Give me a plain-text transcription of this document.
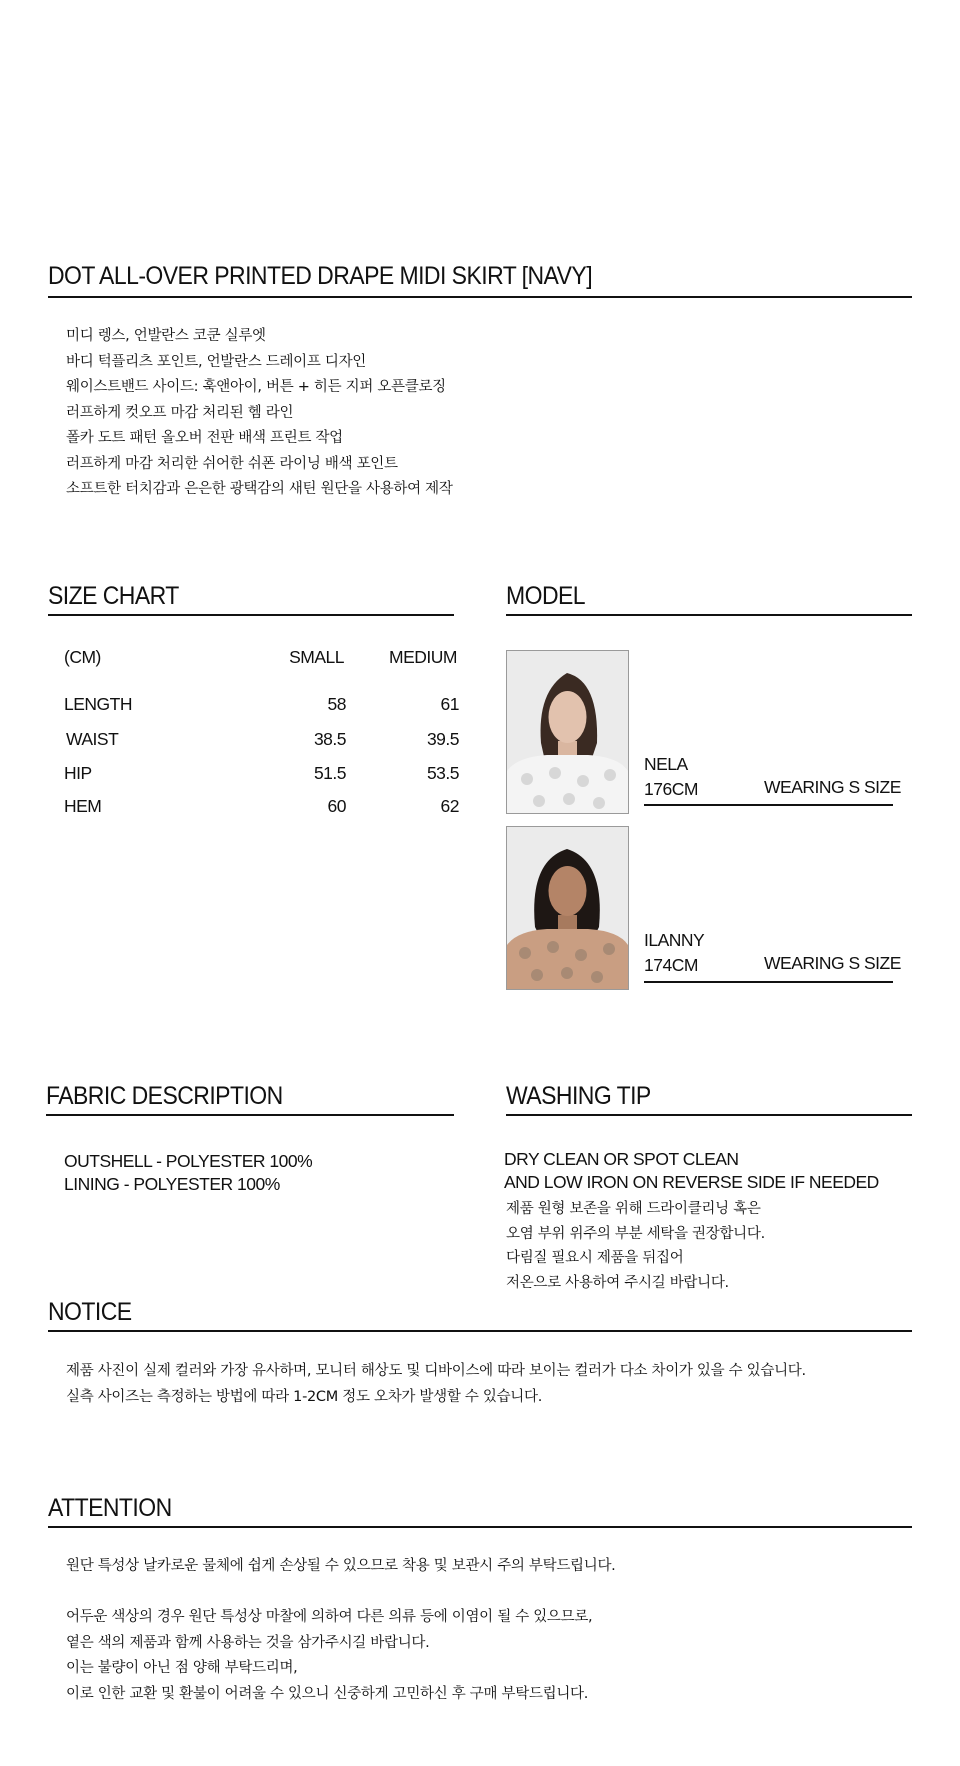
DOT ALL-OVER PRINTED DRAPE MIDI SKIRT [NAVY]
미디 렝스, 언발란스 코쿤 실루엣
바디 턱플리츠 포인트, 언발란스 드레이프 디자인
웨이스트밴드 사이드: 훅앤아이, 버튼 + 히든 지퍼 오픈클로징
러프하게 컷오프 마감 처리된 헴 라인
폴카 도트 패턴 올오버 전판 배색 프린트 작업
러프하게 마감 처리한 쉬어한 쉬폰 라이닝 배색 포인트
소프트한 터치감과 은은한 광택감의 새틴 원단을 사용하여 제작
SIZE CHART
(CM)	SMALL	MEDIUM
LENGTH	58	61
WAIST	38.5	39.5
HIP	51.5	53.5
HEM	60	62
MODEL
NELA
176CM	WEARING S SIZE
ILANNY
174CM	WEARING S SIZE
FABRIC DESCRIPTION
OUTSHELL - POLYESTER 100%
LINING - POLYESTER 100%
WASHING TIP
DRY CLEAN OR SPOT CLEAN
AND LOW IRON ON REVERSE SIDE IF NEEDED
제품 원형 보존을 위해 드라이클리닝 혹은
오염 부위 위주의 부분 세탁을 권장합니다.
다림질 필요시 제품을 뒤집어
저온으로 사용하여 주시길 바랍니다.
NOTICE
제품 사진이 실제 컬러와 가장 유사하며, 모니터 해상도 및 디바이스에 따라 보이는 컬러가 다소 차이가 있을 수 있습니다.
실측 사이즈는 측정하는 방법에 따라 1-2CM 정도 오차가 발생할 수 있습니다.
ATTENTION
원단 특성상 날카로운 물체에 쉽게 손상될 수 있으므로 착용 및 보관시 주의 부탁드립니다.
어두운 색상의 경우 원단 특성상 마찰에 의하여 다른 의류 등에 이염이 될 수 있으므로,
옅은 색의 제품과 함께 사용하는 것을 삼가주시길 바랍니다.
이는 불량이 아닌 점 양해 부탁드리며,
이로 인한 교환 및 환불이 어려울 수 있으니 신중하게 고민하신 후 구매 부탁드립니다.
